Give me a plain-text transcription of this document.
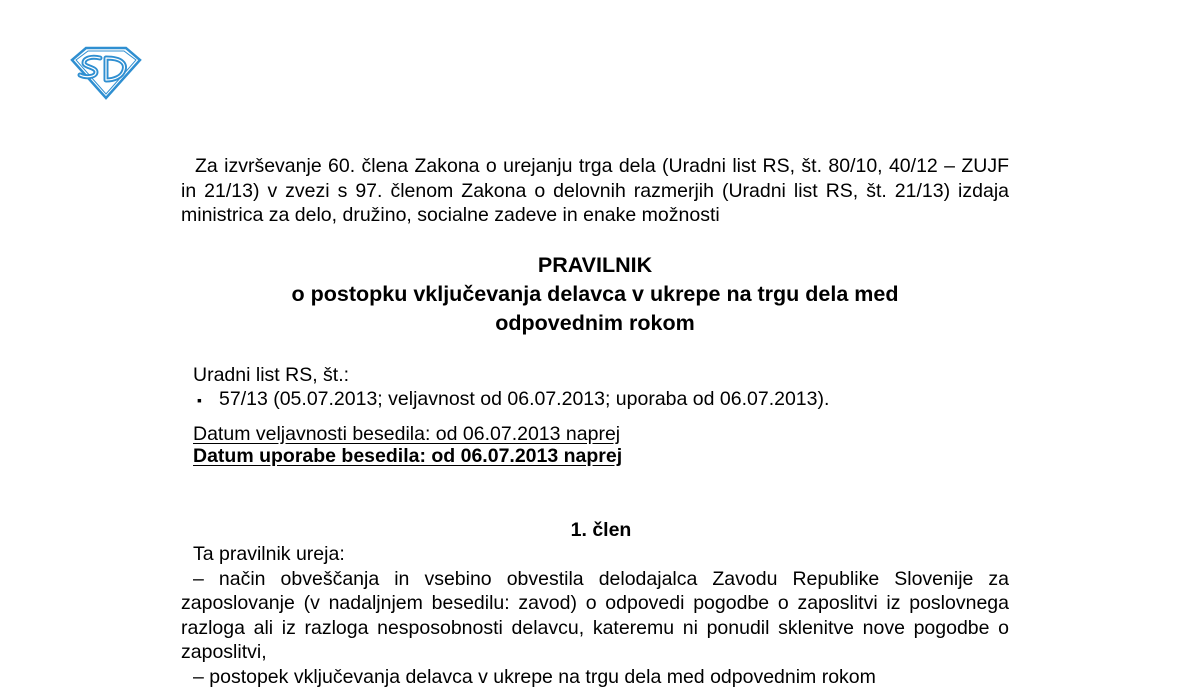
Za izvrševanje 60. člena Zakona o urejanju trga dela (Uradni list RS, št. 80/10, 40/12 – ZUJF in 21/13) v zvezi s 97. členom Zakona o delovnih razmerjih (Uradni list RS, št. 21/13) izdaja ministrica za delo, družino, socialne zadeve in enake možnosti

PRAVILNIK
o postopku vključevanja delavca v ukrepe na trgu dela med
odpovednim rokom
Uradni list RS, št.:
▪ 57/13 (05.07.2013; veljavnost od 06.07.2013; uporaba od 06.07.2013).
Datum veljavnosti besedila: od 06.07.2013 naprej
Datum uporabe besedila: od 06.07.2013 naprej
1. člen

Ta pravilnik ureja:

– način obveščanja in vsebino obvestila delodajalca Zavodu Republike Slovenije za zaposlovanje (v nadaljnjem besedilu: zavod) o odpovedi pogodbe o zaposlitvi iz poslovnega razloga ali iz razloga nesposobnosti delavcu, kateremu ni ponudil sklenitve nove pogodbe o zaposlitvi,

– postopek vključevanja delavca v ukrepe na trgu dela med odpovednim rokom
